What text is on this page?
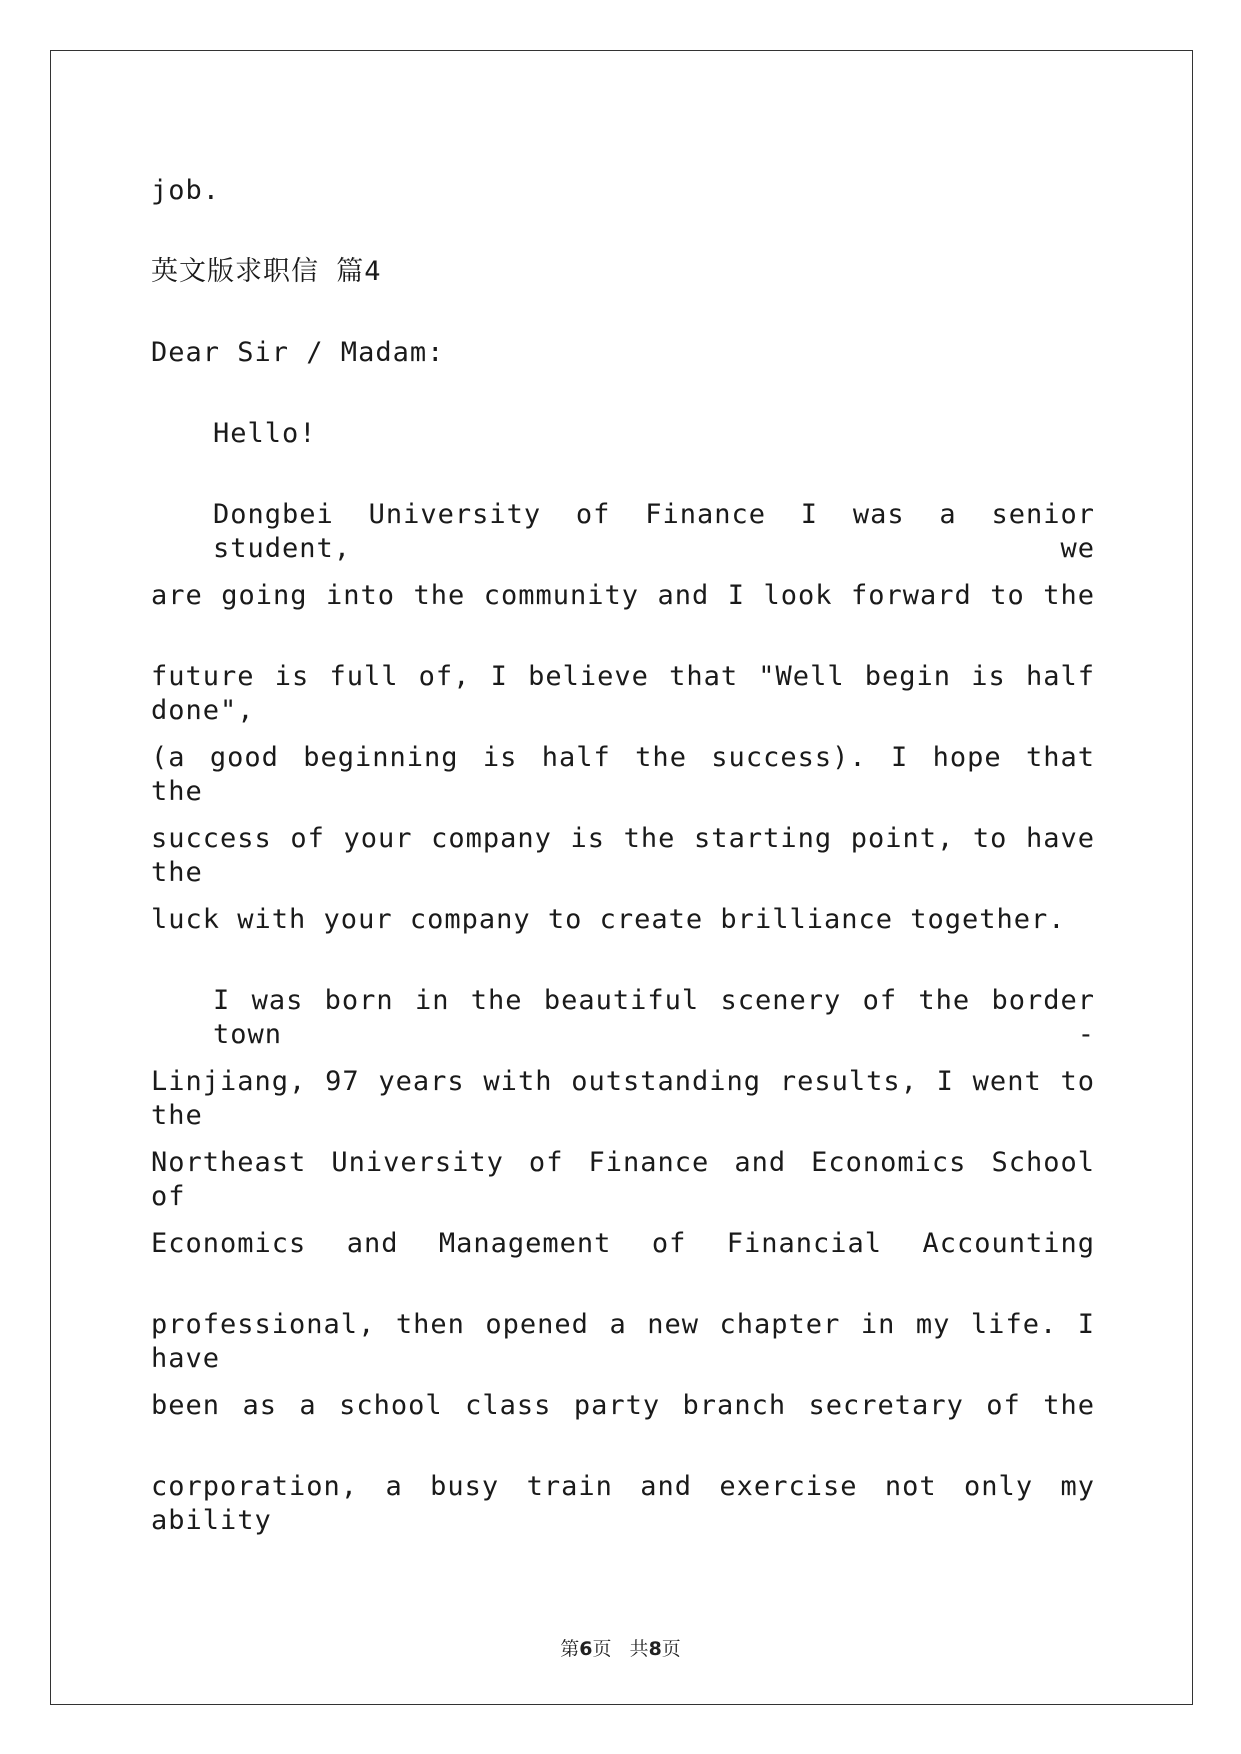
job.
英文版求职信 篇4
Dear Sir / Madam:
Hello!
Dongbei University of Finance I was a senior student, we
are going into the community and I look forward to the
future is full of, I believe that "Well begin is half done",
(a good beginning is half the success). I hope that the
success of your company is the starting point, to have the
luck with your company to create brilliance together.
I was born in the beautiful scenery of the border town -
Linjiang, 97 years with outstanding results, I went to the
Northeast University of Finance and Economics School of
Economics and Management of Financial Accounting
professional, then opened a new chapter in my life. I have
been as a school class party branch secretary of the
corporation, a busy train and exercise not only my ability
第6页   共8页
